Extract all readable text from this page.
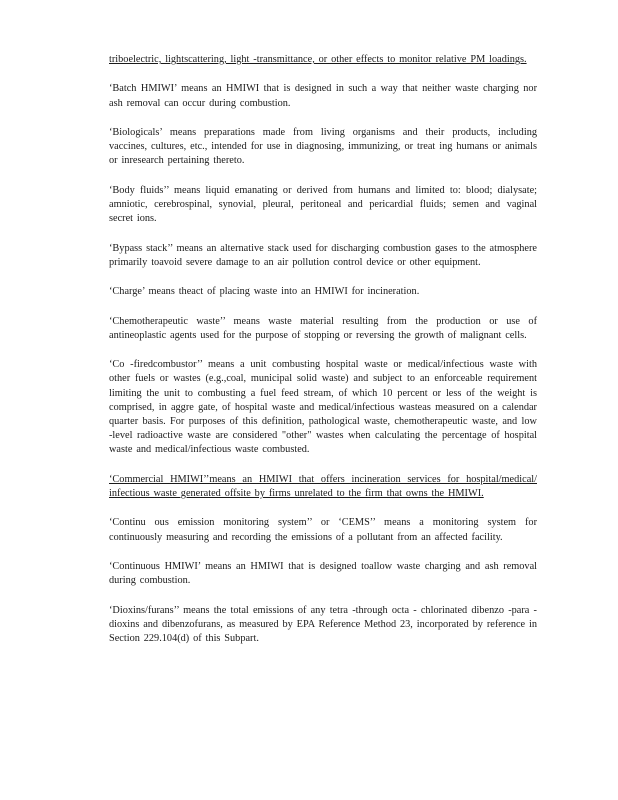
triboelectric, lightscattering, light -transmittance, or other effects to monitor relative PM loadings.

‘Batch HMIWI’ means an HMIWI that is designed in such a way that neither waste charging nor ash removal can occur during combustion.

‘Biologicals’ means preparations made from living organisms and their products, including vaccines, cultures, etc., intended for use in diagnosing, immunizing, or treat ing humans or animals or inresearch pertaining thereto.

‘Body fluids’’ means liquid emanating or derived from humans and limited to: blood; dialysate; amniotic, cerebrospinal, synovial, pleural, peritoneal and pericardial fluids; semen and vaginal secret ions.

‘Bypass stack’’ means an alternative stack used for discharging combustion gases to the atmosphere primarily toavoid severe damage to an air pollution control device or other equipment.

‘Charge’ means theact of placing waste into an HMIWI for incineration.

‘Chemotherapeutic waste’’ means waste material resulting from the production or use of antineoplastic agents used for the purpose of stopping or reversing the growth of malignant cells.

‘Co -firedcombustor’’ means a unit combusting hospital waste or medical/infectious waste with other fuels or wastes (e.g.,coal, municipal solid waste) and subject to an enforceable requirement limiting the unit to combusting a fuel feed stream, of which 10 percent or less of the weight is comprised, in aggre gate, of hospital waste and medical/infectious wasteas measured on a calendar quarter basis. For purposes of this definition, pathological waste, chemotherapeutic waste, and low -level radioactive waste are considered "other" wastes when calculating the percentage of hospital waste and medical/infectious waste combusted.

‘Commercial HMIWI’’means an HMIWI that offers incineration services for hospital/medical/ infectious waste generated offsite by firms unrelated to the firm that owns the HMIWI.

‘Continu ous emission monitoring system’’ or ‘CEMS’’ means a monitoring system for continuously measuring and recording the emissions of a pollutant from an affected facility.

‘Continuous HMIWI’ means an HMIWI that is designed toallow waste charging and ash removal during combustion.

‘Dioxins/furans’’ means the total emissions of any tetra -through octa - chlorinated dibenzo -para -dioxins and dibenzofurans, as measured by EPA Reference Method 23, incorporated by reference in Section 229.104(d) of this Subpart.
